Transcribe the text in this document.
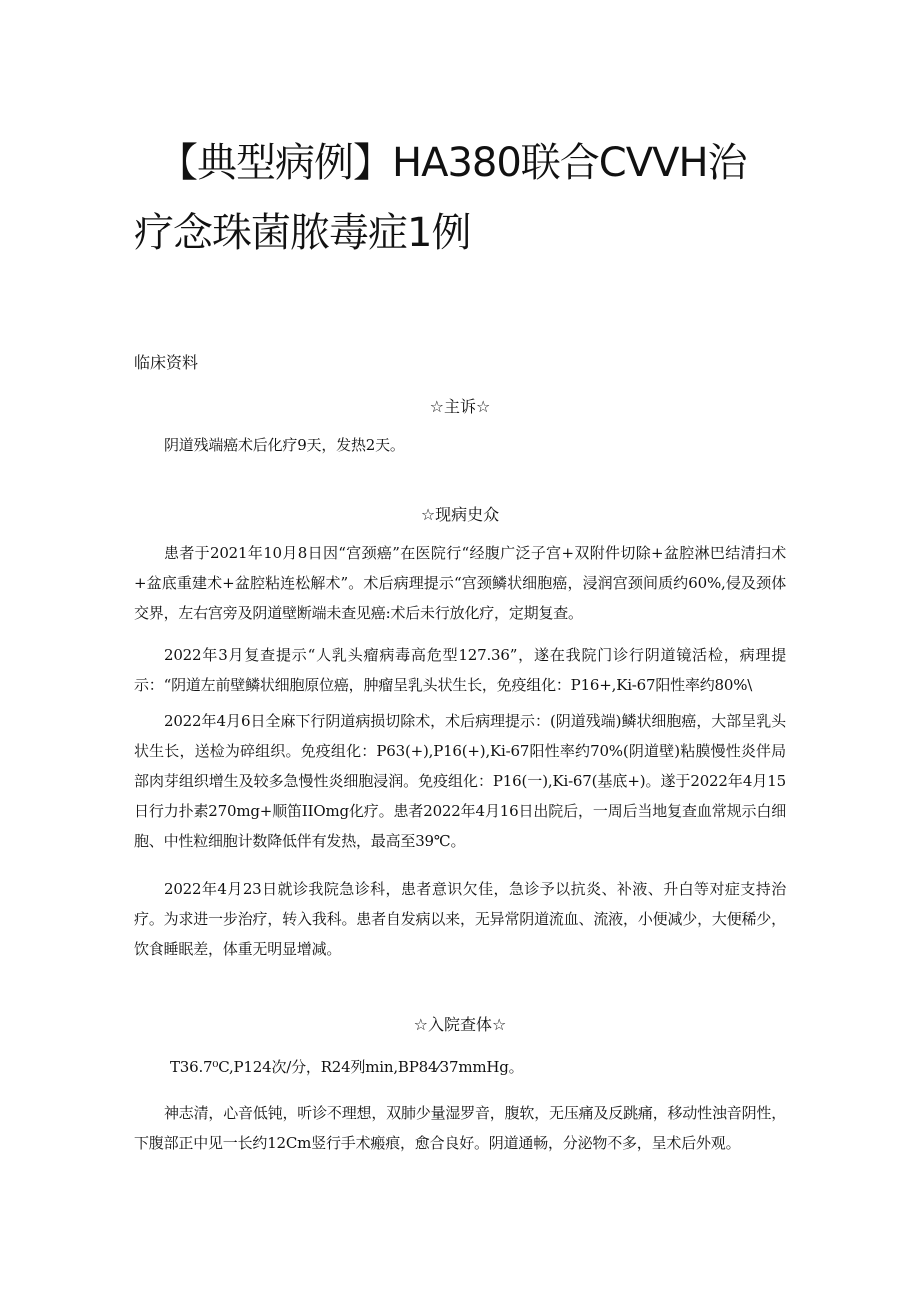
【典型病例】HA380联合CVVH治
疗念珠菌脓毒症1例

临床资料

☆主诉☆

阴道残端癌术后化疗9天，发热2天。

☆现病史众

患者于2021年10月8日因“宫颈癌”在医院行“经腹广泛子宫+双附件切除+盆腔淋巴结清扫术+盆底重建术+盆腔粘连松解术”。术后病理提示“宫颈鳞状细胞癌，浸润宫颈间质约60%,侵及颈体交界，左右宫旁及阴道壁断端未查见癌:术后未行放化疗，定期复查。

2022年3月复查提示“人乳头瘤病毒高危型127.36”，遂在我院门诊行阴道镜活检，病理提示：“阴道左前壁鳞状细胞原位癌，肿瘤呈乳头状生长，免疫组化：P16+,Ki-67阳性率约80%\

2022年4月6日全麻下行阴道病损切除术，术后病理提示：(阴道残端)鳞状细胞癌，大部呈乳头状生长，送检为碎组织。免疫组化：P63(+),P16(+),Ki-67阳性率约70%(阴道壁)粘膜慢性炎伴局部肉芽组织增生及较多急慢性炎细胞浸润。免疫组化：P16(一),Ki-67(基底+)。遂于2022年4月15日行力扑素270mg+顺笛IIOmg化疗。患者2022年4月16日出院后，一周后当地复查血常规示白细胞、中性粒细胞计数降低伴有发热，最高至39℃。

2022年4月23日就诊我院急诊科，患者意识欠佳，急诊予以抗炎、补液、升白等对症支持治疗。为求进一步治疗，转入我科。患者自发病以来，无异常阴道流血、流液，小便减少，大便稀少，饮食睡眠差，体重无明显增减。

☆入院查体☆

T36.7⁰C,P124次/分，R24列min,BP84⁄37mmHg。

神志清，心音低钝，听诊不理想，双肺少量湿罗音，腹软，无压痛及反跳痛，移动性浊音阴性，下腹部正中见一长约12Cm竖行手术瘢痕，愈合良好。阴道通畅，分泌物不多，呈术后外观。
